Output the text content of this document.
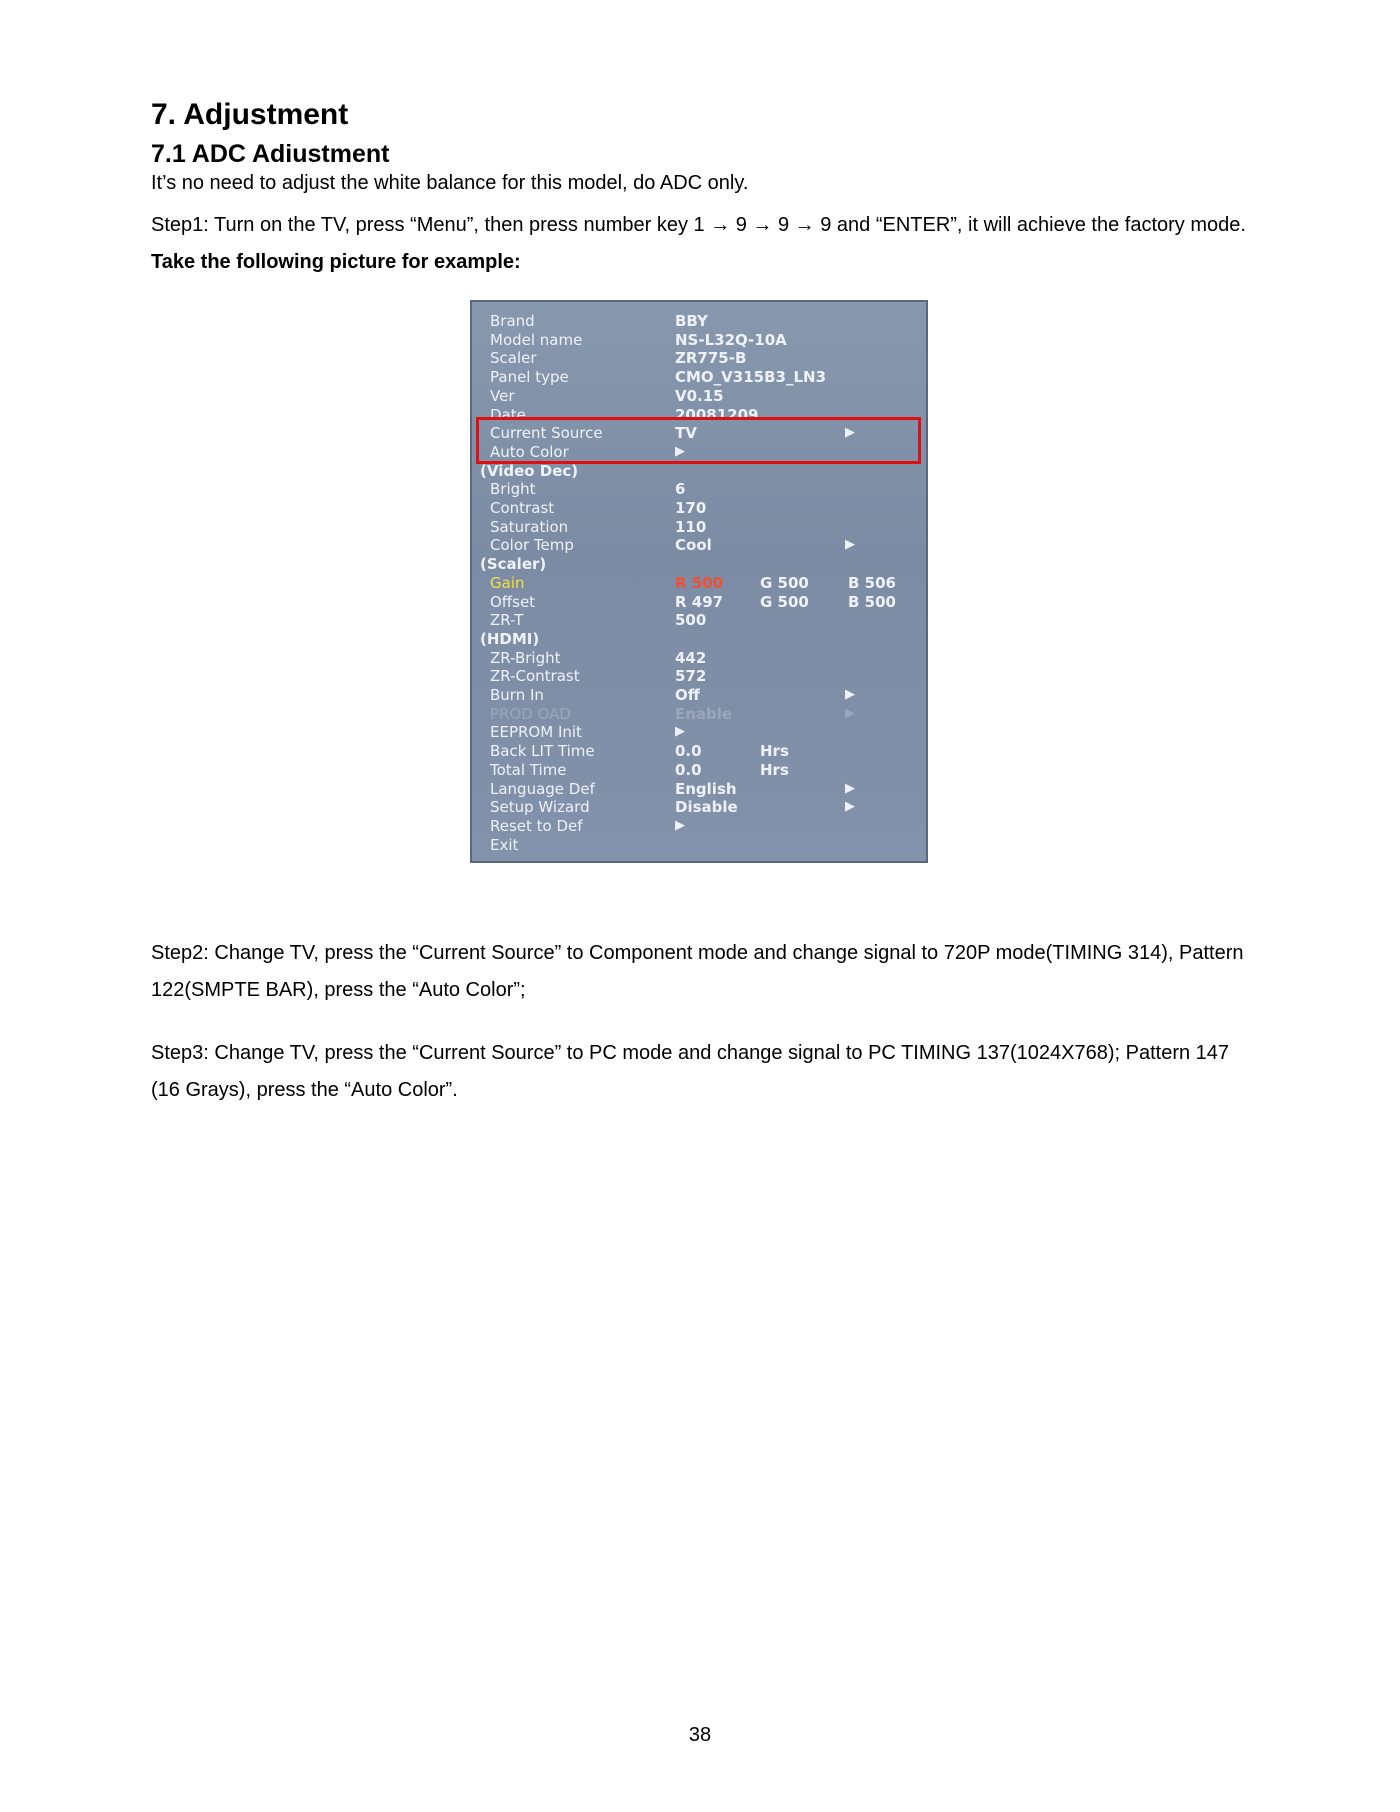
7. Adjustment
7.1 ADC Adiustment

It’s no need to adjust the white balance for this model, do ADC only.

Step1: Turn on the TV, press “Menu”, then press number key 1 → 9 → 9 → 9 and “ENTER”, it will achieve the factory mode. Take the following picture for example:

Brand	BBY
Model name	NS-L32Q-10A
Scaler	ZR775-B
Panel type	CMO_V315B3_LN3
Ver	V0.15
Date	20081209
Current Source	TV	▶
Auto Color	▶
(Video Dec)
Bright	6
Contrast	170
Saturation	110
Color Temp	Cool	▶
(Scaler)
Gain	R 500 G 500	B 506
Offset	R 497 G 500	B 500
ZR-T	500
(HDMI)
ZR-Bright	442
ZR-Contrast	572
Burn In	Off	▶
PROD OAD	Enable	▶
EEPROM Init	▶
Back LIT Time	0.0	Hrs
Total Time	0.0	Hrs
Language Def	English	▶
Setup Wizard	Disable	▶
Reset to Def	▶
Exit

Step2: Change TV, press the “Current Source” to Component mode and change signal to 720P mode(TIMING 314), Pattern 122(SMPTE BAR), press the “Auto Color”;

Step3: Change TV, press the “Current Source” to PC mode and change signal to PC TIMING 137(1024X768); Pattern 147 (16 Grays), press the “Auto Color”.

38
